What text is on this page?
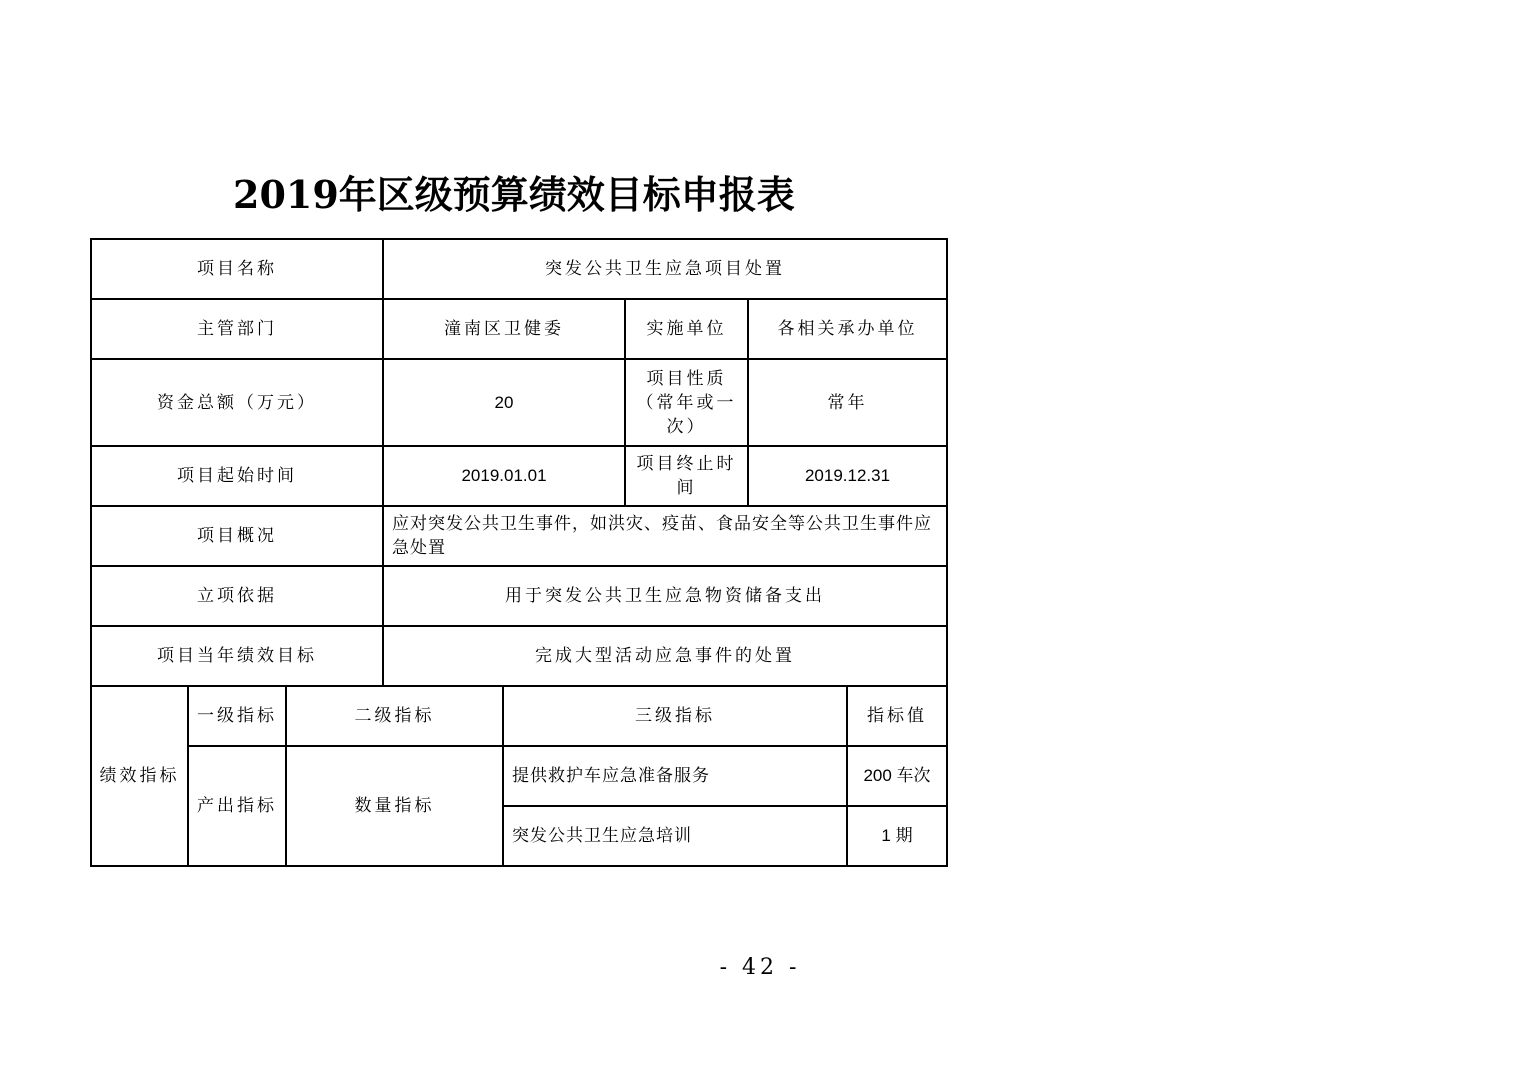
2019年区级预算绩效目标申报表
项目名称			突发公共卫生应急项目处置				
主管部门			潼南区卫健委		实施单位	各相关承办单位	
资金总额（万元）			20		项目性质（常年或一次）	常年	
项目起始时间			2019.01.01		项目终止时间	2019.12.31	
项目概况			应对突发公共卫生事件，如洪灾、疫苗、食品安全等公共卫生事件应急处置				
立项依据			用于突发公共卫生应急物资储备支出				
项目当年绩效目标			完成大型活动应急事件的处置				
绩效指标	一级指标	二级指标		三级指标			指标值
	产出指标	数量指标		提供救护车应急准备服务			200 车次
				突发公共卫生应急培训			1 期
- 42 -
